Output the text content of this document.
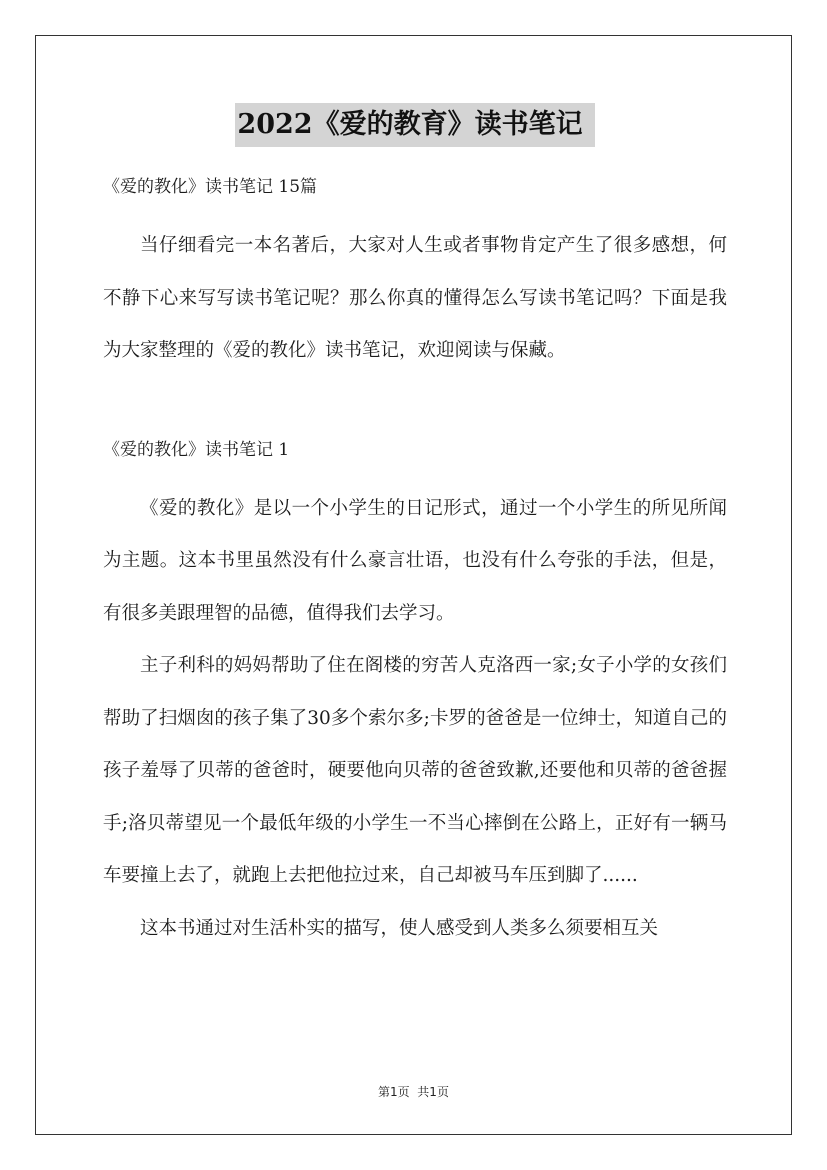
2022《爱的教育》读书笔记

《爱的教化》读书笔记 15篇

当仔细看完一本名著后，大家对人生或者事物肯定产生了很多感想，何不静下心来写写读书笔记呢？那么你真的懂得怎么写读书笔记吗？下面是我为大家整理的《爱的教化》读书笔记，欢迎阅读与保藏。

《爱的教化》读书笔记 1

《爱的教化》是以一个小学生的日记形式，通过一个小学生的所见所闻为主题。这本书里虽然没有什么豪言壮语，也没有什么夸张的手法，但是，有很多美跟理智的品德，值得我们去学习。

主子利科的妈妈帮助了住在阁楼的穷苦人克洛西一家;女子小学的女孩们帮助了扫烟囱的孩子集了30多个索尔多;卡罗的爸爸是一位绅士，知道自己的孩子羞辱了贝蒂的爸爸时，硬要他向贝蒂的爸爸致歉,还要他和贝蒂的爸爸握手;洛贝蒂望见一个最低年级的小学生一不当心摔倒在公路上，正好有一辆马车要撞上去了，就跑上去把他拉过来，自己却被马车压到脚了......

这本书通过对生活朴实的描写，使人感受到人类多么须要相互关

第1页  共1页
